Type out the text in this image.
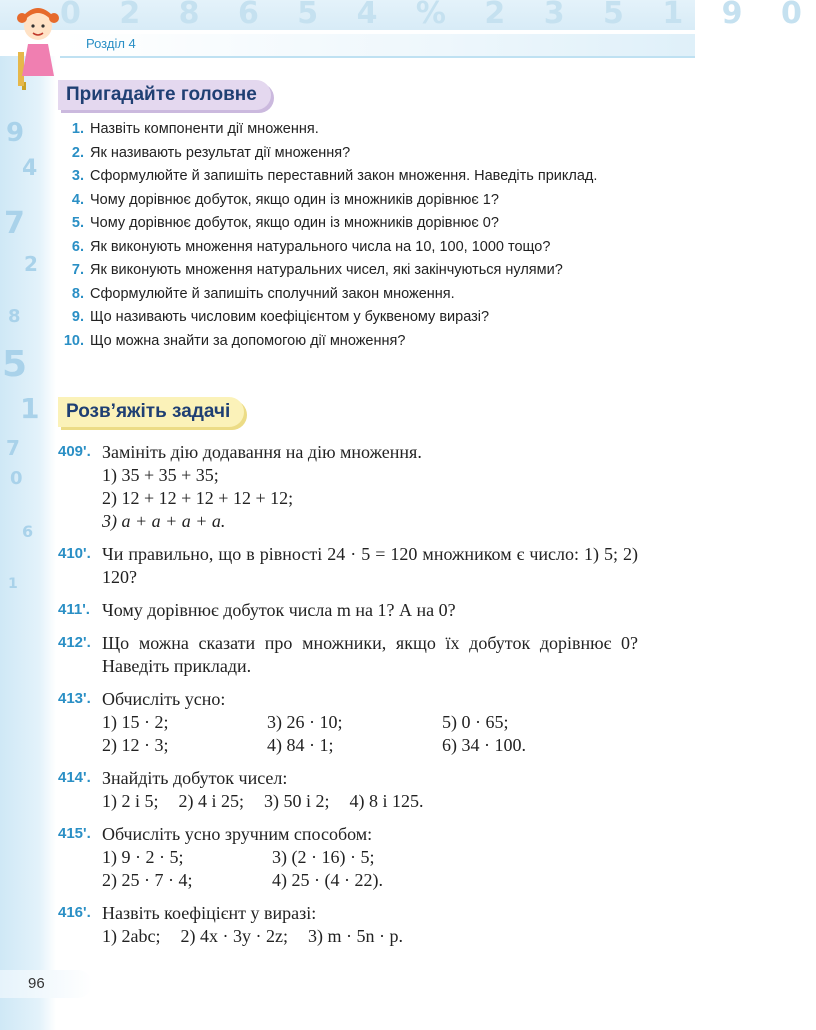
0 2 8 6 5 4 % 2 3 5 1 9 0
9
4
7
2
8
5
1
7
0
6
1
Розділ 4
Пригадайте головне
1. Назвіть компоненти дії множення.
2. Як називають результат дії множення?
3. Сформулюйте й запишіть переставний закон множення. Наведіть приклад.
4. Чому дорівнює добуток, якщо один із множників дорівнює 1?
5. Чому дорівнює добуток, якщо один із множників дорівнює 0?
6. Як виконують множення натурального числа на 10, 100, 1000 тощо?
7. Як виконують множення натуральних чисел, які закінчуються нулями?
8. Сформулюйте й запишіть сполучний закон множення.
9. Що називають числовим коефіцієнтом у буквеному виразі?
10. Що можна знайти за допомогою дії множення?
Розв’яжіть задачі
409'. Замініть дію додавання на дію множення.
1) 35 + 35 + 35;
2) 12 + 12 + 12 + 12 + 12;
3) a + a + a + a.
410'. Чи правильно, що в рівності 24 · 5 = 120 множником є число: 1) 5; 2) 120?
411'. Чому дорівнює добуток числа m на 1? А на 0?
412'. Що можна сказати про множники, якщо їх добуток дорівнює 0? Наведіть приклади.
413'. Обчисліть усно:
1) 15 · 2;	3) 26 · 10;	5) 0 · 65;
2) 12 · 3;	4) 84 · 1;	6) 34 · 100.
414'. Знайдіть добуток чисел:
1) 2 і 5; 2) 4 і 25; 3) 50 і 2; 4) 8 і 125.
415'. Обчисліть усно зручним способом:
1) 9 · 2 · 5;	3) (2 · 16) · 5;
2) 25 · 7 · 4;	4) 25 · (4 · 22).
416'. Назвіть коефіцієнт у виразі:
1) 2abc; 2) 4x · 3y · 2z; 3) m · 5n · p.
96
